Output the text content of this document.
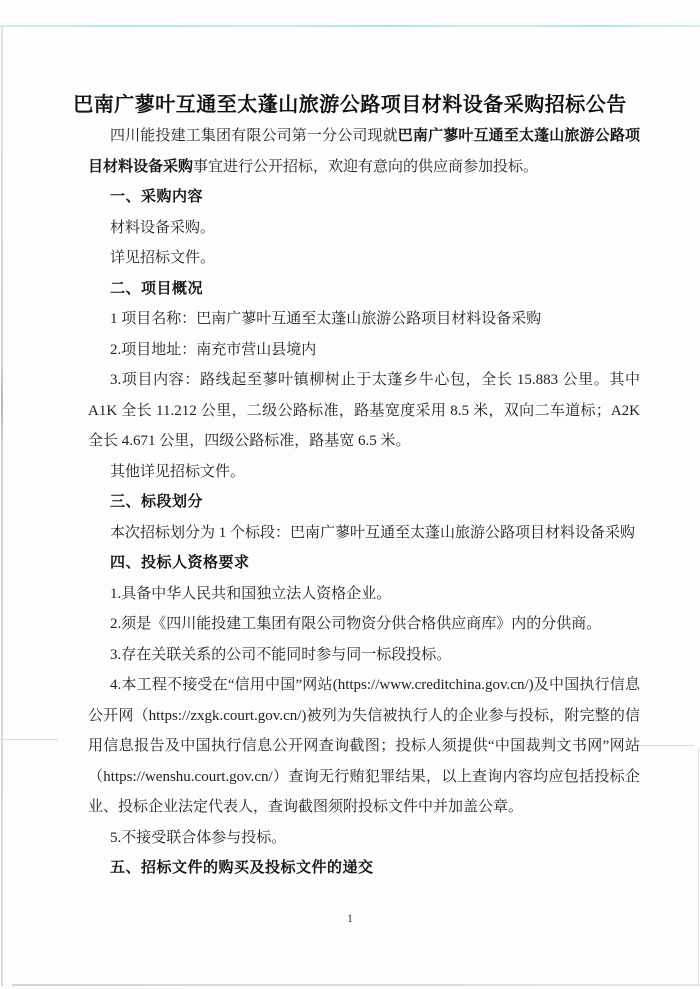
巴南广蓼叶互通至太蓬山旅游公路项目材料设备采购招标公告

四川能投建工集团有限公司第一分公司现就巴南广蓼叶互通至太蓬山旅游公路项目材料设备采购事宜进行公开招标，欢迎有意向的供应商参加投标。

一、采购内容

材料设备采购。

详见招标文件。

二、项目概况

1 项目名称：巴南广蓼叶互通至太蓬山旅游公路项目材料设备采购

2.项目地址：南充市营山县境内

3.项目内容：路线起至蓼叶镇柳树止于太蓬乡牛心包，全长 15.883 公里。其中 A1K 全长 11.212 公里，二级公路标准，路基宽度采用 8.5 米，双向二车道标；A2K 全长 4.671 公里，四级公路标准，路基宽 6.5 米。

其他详见招标文件。

三、标段划分

本次招标划分为 1 个标段：巴南广蓼叶互通至太蓬山旅游公路项目材料设备采购

四、投标人资格要求

1.具备中华人民共和国独立法人资格企业。

2.须是《四川能投建工集团有限公司物资分供合格供应商库》内的分供商。

3.存在关联关系的公司不能同时参与同一标段投标。

4.本工程不接受在“信用中国”网站(https://www.creditchina.gov.cn/)及中国执行信息公开网（https://zxgk.court.gov.cn/)被列为失信被执行人的企业参与投标，附完整的信用信息报告及中国执行信息公开网查询截图；投标人须提供“中国裁判文书网”网站（https://wenshu.court.gov.cn/）查询无行贿犯罪结果，以上查询内容均应包括投标企业、投标企业法定代表人，查询截图须附投标文件中并加盖公章。

5.不接受联合体参与投标。

五、招标文件的购买及投标文件的递交

1
